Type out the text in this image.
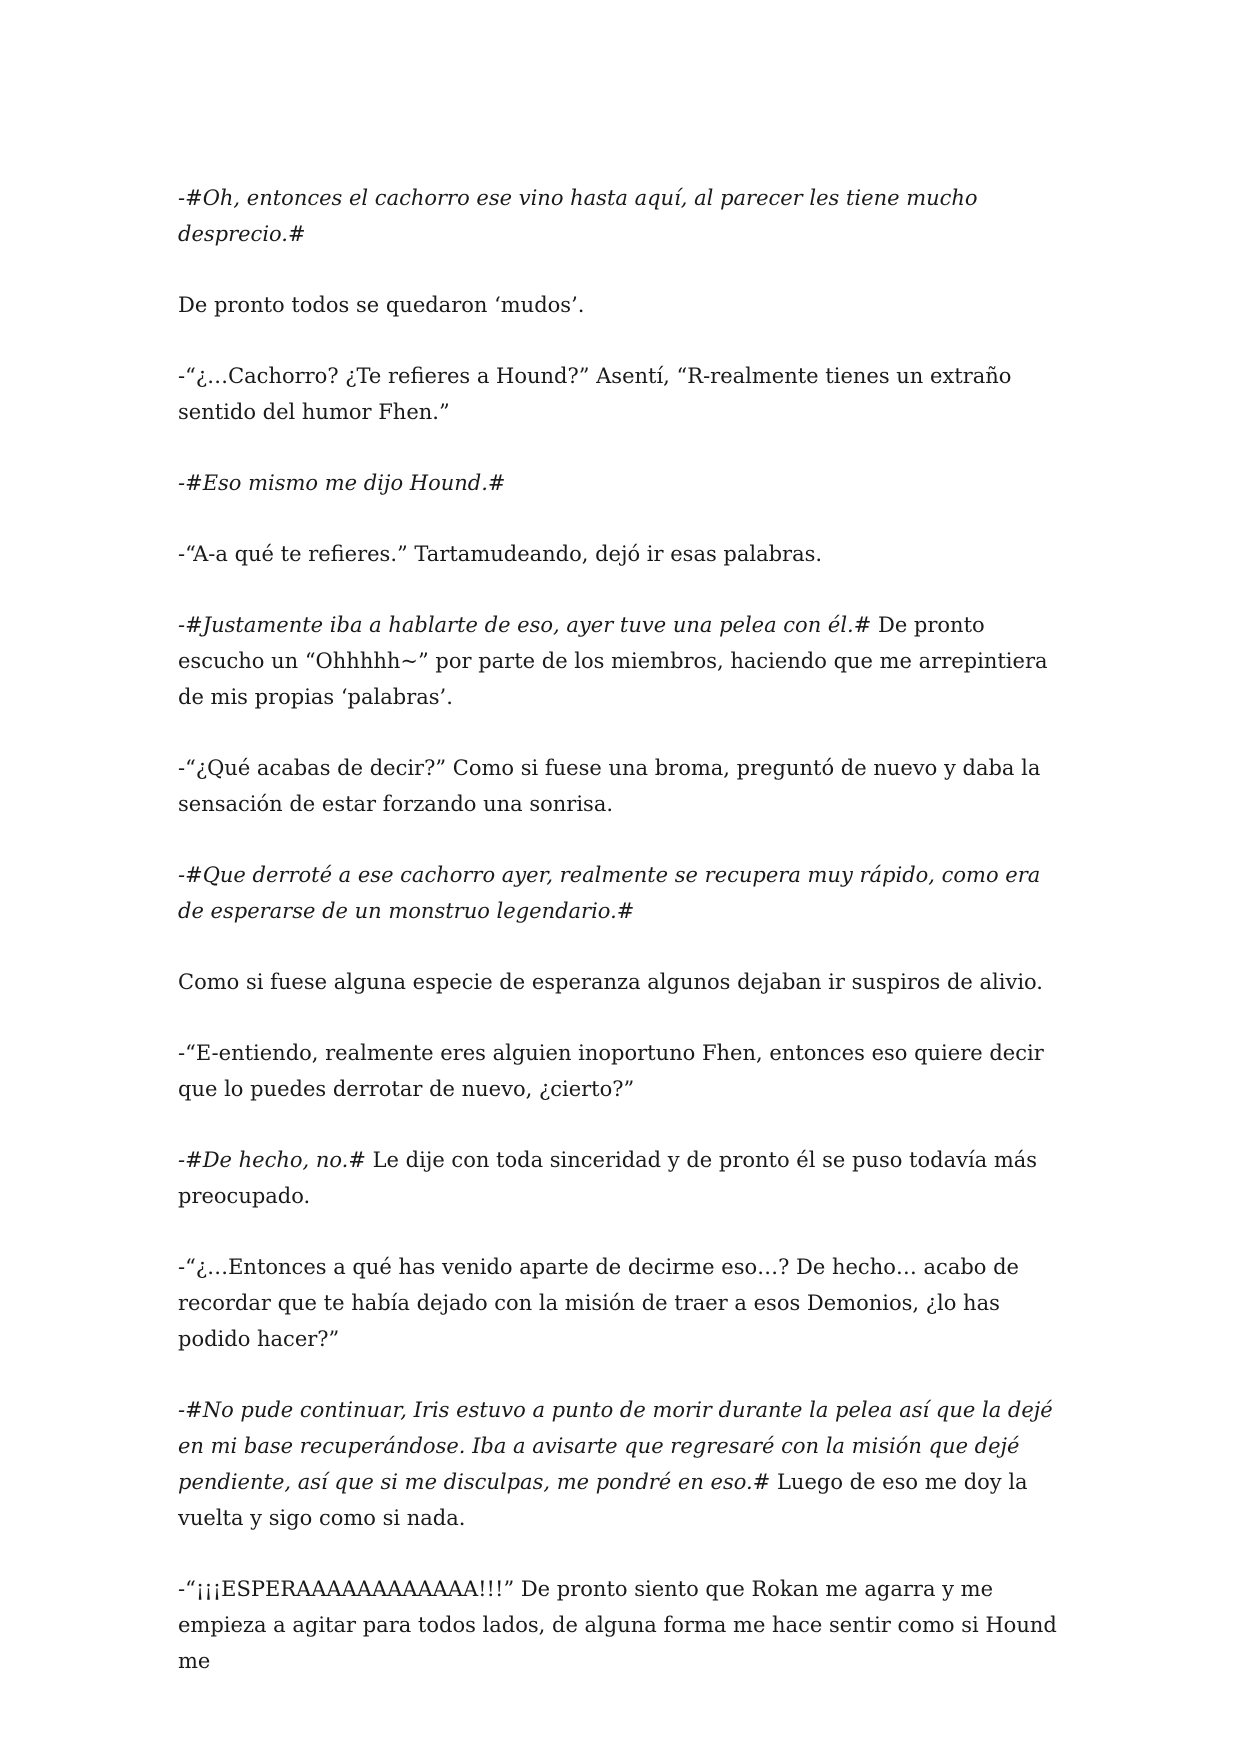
-#Oh, entonces el cachorro ese vino hasta aquí, al parecer les tiene mucho desprecio.#

De pronto todos se quedaron ‘mudos’.

-“¿…Cachorro? ¿Te refieres a Hound?” Asentí, “R-realmente tienes un extraño sentido del humor Fhen.”

-#Eso mismo me dijo Hound.#

-“A-a qué te refieres.” Tartamudeando, dejó ir esas palabras.

-#Justamente iba a hablarte de eso, ayer tuve una pelea con él.# De pronto escucho un “Ohhhhh~” por parte de los miembros, haciendo que me arrepintiera de mis propias ‘palabras’.

-“¿Qué acabas de decir?” Como si fuese una broma, preguntó de nuevo y daba la sensación de estar forzando una sonrisa.

-#Que derroté a ese cachorro ayer, realmente se recupera muy rápido, como era de esperarse de un monstruo legendario.#

Como si fuese alguna especie de esperanza algunos dejaban ir suspiros de alivio.

-“E-entiendo, realmente eres alguien inoportuno Fhen, entonces eso quiere decir que lo puedes derrotar de nuevo, ¿cierto?”

-#De hecho, no.# Le dije con toda sinceridad y de pronto él se puso todavía más preocupado.

-“¿…Entonces a qué has venido aparte de decirme eso…? De hecho… acabo de recordar que te había dejado con la misión de traer a esos Demonios, ¿lo has podido hacer?”

-#No pude continuar, Iris estuvo a punto de morir durante la pelea así que la dejé en mi base recuperándose. Iba a avisarte que regresaré con la misión que dejé pendiente, así que si me disculpas, me pondré en eso.# Luego de eso me doy la vuelta y sigo como si nada.

-“¡¡¡ESPERAAAAAAAAAAAA!!!” De pronto siento que Rokan me agarra y me empieza a agitar para todos lados, de alguna forma me hace sentir como si Hound me
